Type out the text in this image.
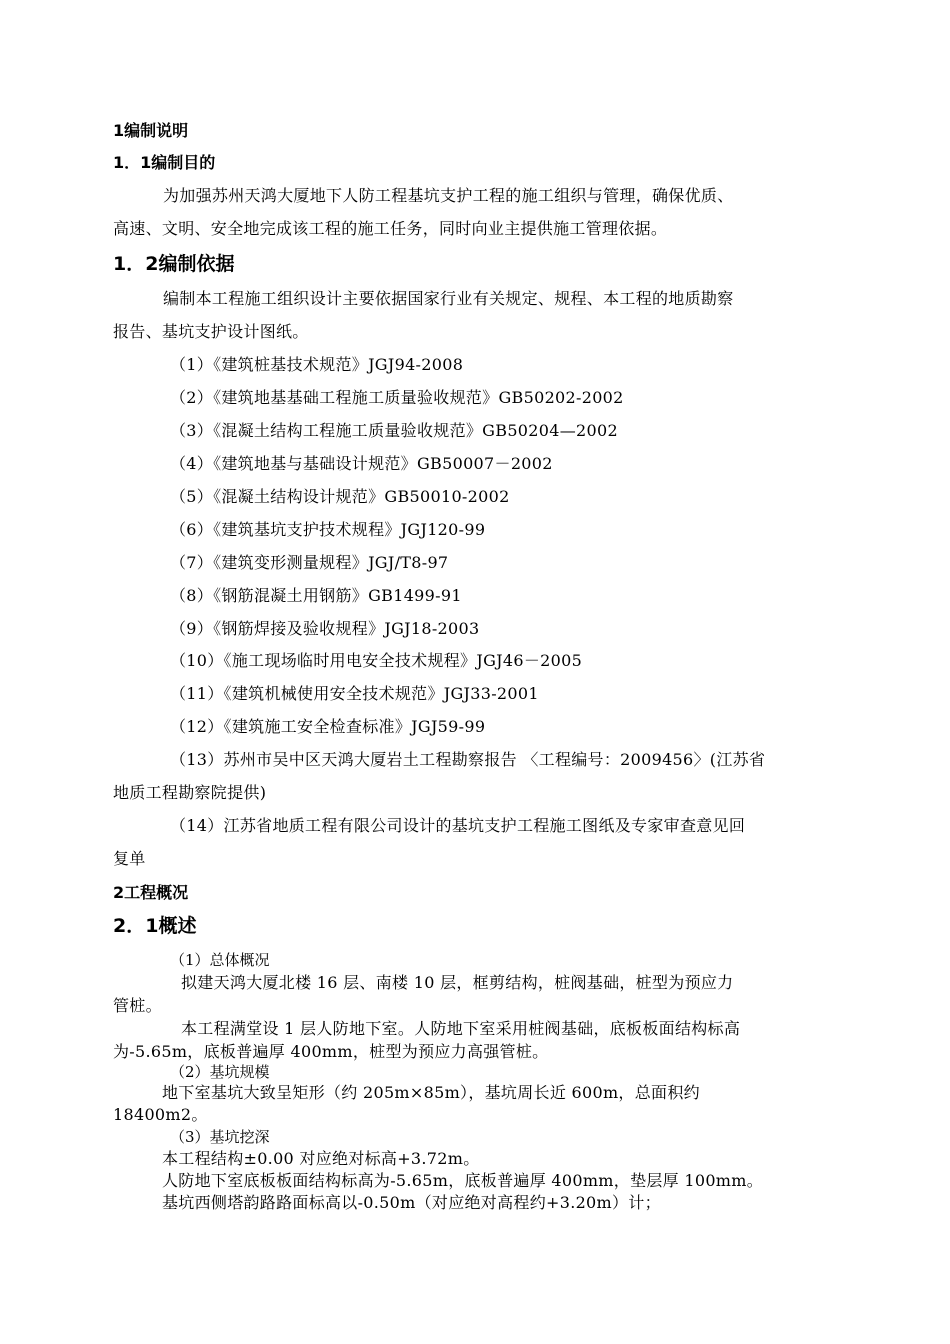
1编制说明
1．1编制目的
为加强苏州天鸿大厦地下人防工程基坑支护工程的施工组织与管理，确保优质、
高速、文明、安全地完成该工程的施工任务，同时向业主提供施工管理依据。
1．2编制依据
编制本工程施工组织设计主要依据国家行业有关规定、规程、本工程的地质勘察
报告、基坑支护设计图纸。
（1）《建筑桩基技术规范》JGJ94-2008
（2）《建筑地基基础工程施工质量验收规范》GB50202-2002
（3）《混凝土结构工程施工质量验收规范》GB50204—2002
（4）《建筑地基与基础设计规范》GB50007－2002
（5）《混凝土结构设计规范》GB50010-2002
（6）《建筑基坑支护技术规程》JGJ120-99
（7）《建筑变形测量规程》JGJ/T8-97
（8）《钢筋混凝土用钢筋》GB1499-91
（9）《钢筋焊接及验收规程》JGJ18-2003
（10）《施工现场临时用电安全技术规程》JGJ46－2005
（11）《建筑机械使用安全技术规范》JGJ33-2001
（12）《建筑施工安全检查标准》JGJ59-99
（13）苏州市吴中区天鸿大厦岩土工程勘察报告 〈工程编号：2009456〉(江苏省
地质工程勘察院提供)
（14）江苏省地质工程有限公司设计的基坑支护工程施工图纸及专家审查意见回
复单
2工程概况
2．1概述
（1）总体概况
拟建天鸿大厦北楼 16 层、南楼 10 层，框剪结构，桩阀基础，桩型为预应力
管桩。
本工程满堂设 1 层人防地下室。人防地下室采用桩阀基础，底板板面结构标高
为-5.65m，底板普遍厚 400mm，桩型为预应力高强管桩。
（2）基坑规模
地下室基坑大致呈矩形（约 205m×85m），基坑周长近 600m，总面积约
18400m2。
（3）基坑挖深
本工程结构±0.00 对应绝对标高+3.72m。
人防地下室底板板面结构标高为-5.65m，底板普遍厚 400mm，垫层厚 100mm。
基坑西侧塔韵路路面标高以-0.50m（对应绝对高程约+3.20m）计；
